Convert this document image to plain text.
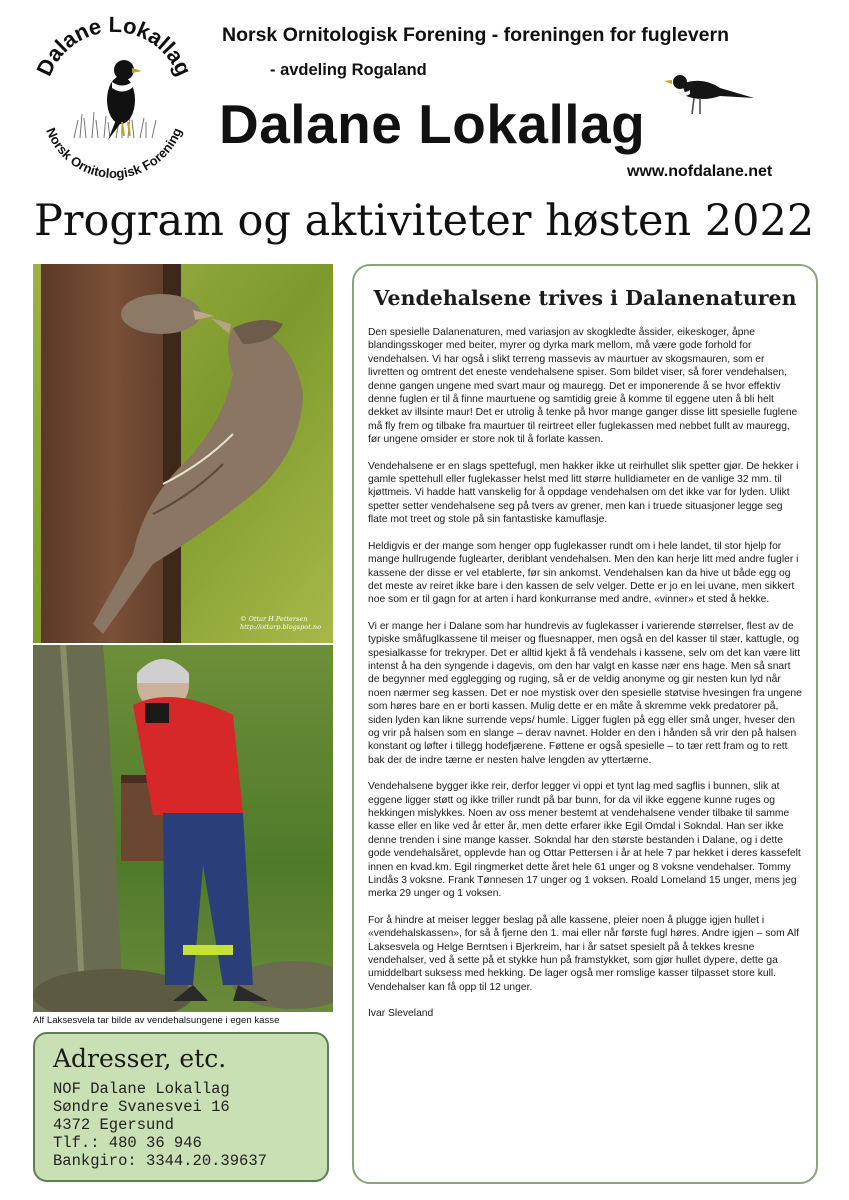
Dalane Lokallag
Norsk Ornitologisk Forening
Norsk Ornitologisk Forening - foreningen for fuglevern
- avdeling Rogaland
Dalane Lokallag
www.nofdalane.net
Program og aktiviteter høsten 2022
© Ottar H Pettersen
http://ottarp.blogspot.no
Alf Laksesvela tar bilde av vendehalsungene i egen kasse
Adresser, etc.
NOF Dalane Lokallag
Søndre Svanesvei 16
4372 Egersund
Tlf.: 480 36 946
Bankgiro: 3344.20.39637
Vendehalsene trives i Dalanenaturen

Den spesielle Dalanenaturen, med variasjon av skogkledte åssider, eikeskoger, åpne blandingsskoger med beiter, myrer og dyrka mark mellom, må være gode forhold for vendehalsen. Vi har også i slikt terreng massevis av maurtuer av skogsmauren, som er livretten og omtrent det eneste vendehalsene spiser. Som bildet viser, så forer vendehalsen, denne gangen ungene med svart maur og mauregg. Det er imponerende å se hvor effektiv denne fuglen er til å finne maurtuene og samtidig greie å komme til eggene uten å bli helt dekket av illsinte maur! Det er utrolig å tenke på hvor mange ganger disse litt spesielle fuglene må fly frem og tilbake fra maurtuer til reirtreet eller fuglekassen med nebbet fullt av mauregg, før ungene omsider er store nok til å forlate kassen.

Vendehalsene er en slags spettefugl, men hakker ikke ut reirhullet slik spetter gjør. De hekker i gamle spettehull eller fuglekasser helst med litt større hulldiameter en de vanlige 32 mm. til kjøttmeis. Vi hadde hatt vanskelig for å oppdage vendehalsen om det ikke var for lyden. Ulikt spetter setter vendehalsene seg på tvers av grener, men kan i truede situasjoner legge seg flate mot treet og stole på sin fantastiske kamuflasje.

Heldigvis er der mange som henger opp fuglekasser rundt om i hele landet, til stor hjelp for mange hullrugende fuglearter, deriblant vendehalsen. Men den kan herje litt med andre fugler i kassene der disse er vel etablerte, før sin ankomst. Vendehalsen kan da hive ut både egg og det meste av reiret ikke bare i den kassen de selv velger. Dette er jo en lei uvane, men sikkert noe som er til gagn for at arten i hard konkurranse med andre, «vinner» et sted å hekke.

Vi er mange her i Dalane som har hundrevis av fuglekasser i varierende størrelser, flest av de typiske småfuglkassene til meiser og fluesnapper, men også en del kasser til stær, kattugle, og spesialkasse for trekryper. Det er alltid kjekt å få vendehals i kassene, selv om det kan være litt intenst å ha den syngende i dagevis, om den har valgt en kasse nær ens hage. Men så snart de begynner med egglegging og ruging, så er de veldig anonyme og gir nesten kun lyd når noen nærmer seg kassen. Det er noe mystisk over den spesielle støtvise hvesingen fra ungene som høres bare en er borti kassen. Mulig dette er en måte å skremme vekk predatorer på, siden lyden kan likne surrende veps/ humle. Ligger fuglen på egg eller små unger, hveser den og vrir på halsen som en slange – derav navnet. Holder en den i hånden så vrir den på halsen konstant og løfter i tillegg hodefjærene. Føttene er også spesielle – to tær rett fram og to rett bak der de indre tærne er nesten halve lengden av yttertærne.

Vendehalsene bygger ikke reir, derfor legger vi oppi et tynt lag med sagflis i bunnen, slik at eggene ligger støtt og ikke triller rundt på bar bunn, for da vil ikke eggene kunne ruges og hekkingen mislykkes. Noen av oss mener bestemt at vendehalsene vender tilbake til samme kasse eller en like ved år etter år, men dette erfarer ikke Egil Omdal i Sokndal. Han ser ikke denne trenden i sine mange kasser. Sokndal har den største bestanden i Dalane, og i dette gode vendehalsåret, opplevde han og Ottar Pettersen i år at hele 7 par hekket i deres kassefelt innen en kvad.km. Egil ringmerket dette året hele 61 unger og 8 voksne vendehalser. Tommy Lindås 3 voksne. Frank Tønnesen 17 unger og 1 voksen. Roald Lomeland 15 unger, mens jeg merka 29 unger og 1 voksen.

For å hindre at meiser legger beslag på alle kassene, pleier noen å plugge igjen hullet i «vendehalskassen», for så å fjerne den 1. mai eller når første fugl høres. Andre igjen – som Alf Laksesvela og Helge Berntsen i Bjerkreim, har i år satset spesielt på å tekkes kresne vendehalser, ved å sette på et stykke hun på framstykket, som gjør hullet dypere, dette ga umiddelbart suksess med hekking. De lager også mer romslige kasser tilpasset store kull. Vendehalser kan få opp til 12 unger.

Ivar Sleveland
